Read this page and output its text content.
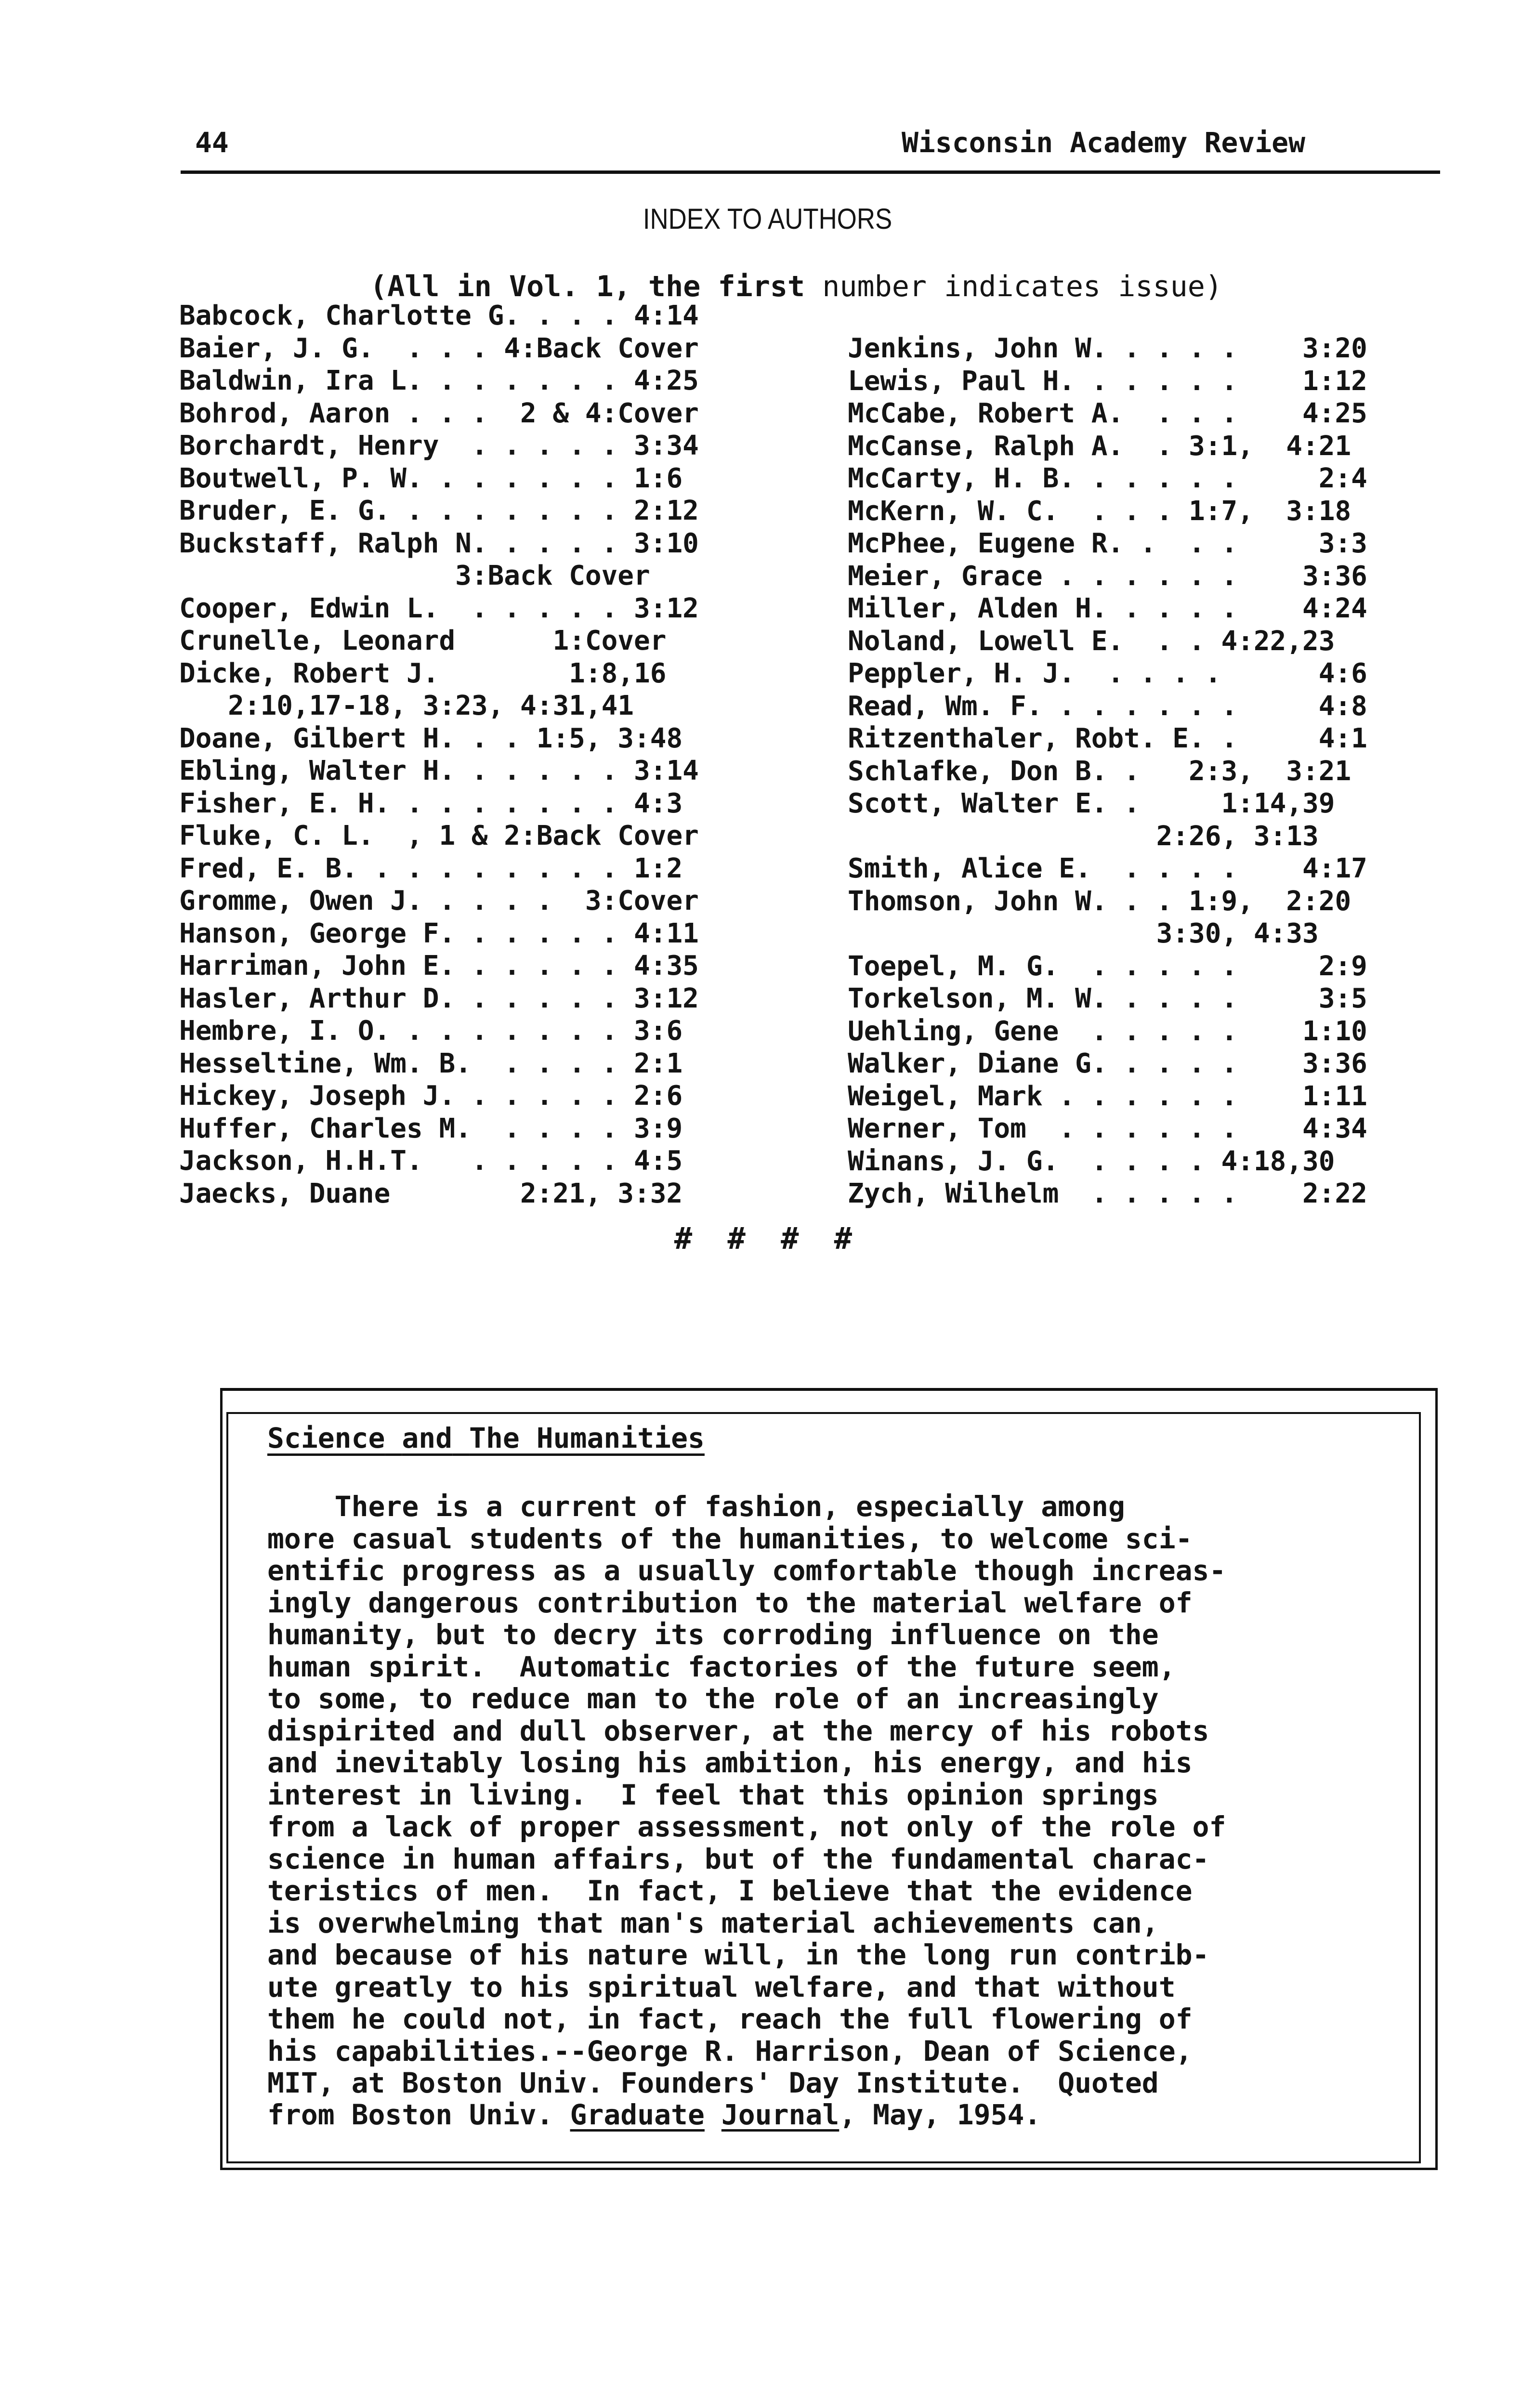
44	Wisconsin Academy Review
INDEX TO AUTHORS
(All in Vol. 1, the first number indicates issue)
Babcock, Charlotte G. . . . 4:14
Baier, J. G.  . . . 4:Back Cover
Baldwin, Ira L. . . . . . . 4:25
Bohrod, Aaron . . .  2 & 4:Cover
Borchardt, Henry  . . . . . 3:34
Boutwell, P. W. . . . . . . 1:6
Bruder, E. G. . . . . . . . 2:12
Buckstaff, Ralph N. . . . . 3:10
3:Back Cover
Cooper, Edwin L.  . . . . . 3:12
Crunelle, Leonard      1:Cover
Dicke, Robert J.        1:8,16
2:10,17-18, 3:23, 4:31,41
Doane, Gilbert H. . . 1:5, 3:48
Ebling, Walter H. . . . . . 3:14
Fisher, E. H. . . . . . . . 4:3
Fluke, C. L.  , 1 & 2:Back Cover
Fred, E. B. . . . . . . . . 1:2
Gromme, Owen J. . . . .  3:Cover
Hanson, George F. . . . . . 4:11
Harriman, John E. . . . . . 4:35
Hasler, Arthur D. . . . . . 3:12
Hembre, I. O. . . . . . . . 3:6
Hesseltine, Wm. B.  . . . . 2:1
Hickey, Joseph J. . . . . . 2:6
Huffer, Charles M.  . . . . 3:9
Jackson, H.H.T.   . . . . . 4:5
Jaecks, Duane        2:21, 3:32
Jenkins, John W. . . . .    3:20
Lewis, Paul H. . . . . .    1:12
McCabe, Robert A.  . . .    4:25
McCanse, Ralph A.  . 3:1,  4:21
McCarty, H. B. . . . . .     2:4
McKern, W. C.  . . . 1:7,  3:18
McPhee, Eugene R. .  . .     3:3
Meier, Grace . . . . . .    3:36
Miller, Alden H. . . . .    4:24
Noland, Lowell E.  . . 4:22,23
Peppler, H. J.  . . . .      4:6
Read, Wm. F. . . . . . .     4:8
Ritzenthaler, Robt. E. .     4:1
Schlafke, Don B. .   2:3,  3:21
Scott, Walter E. .     1:14,39
2:26, 3:13
Smith, Alice E.  . . . .    4:17
Thomson, John W. . . 1:9,  2:20
3:30, 4:33
Toepel, M. G.  . . . . .     2:9
Torkelson, M. W. . . . .     3:5
Uehling, Gene  . . . . .    1:10
Walker, Diane G. . . . .    3:36
Weigel, Mark . . . . . .    1:11
Werner, Tom  . . . . . .    4:34
Winans, J. G.  . . . . 4:18,30
Zych, Wilhelm  . . . . .    2:22
# # # #
Science and The Humanities
There is a current of fashion, especially among
more casual students of the humanities, to welcome sci-
entific progress as a usually comfortable though increas-
ingly dangerous contribution to the material welfare of
humanity, but to decry its corroding influence on the
human spirit.  Automatic factories of the future seem,
to some, to reduce man to the role of an increasingly
dispirited and dull observer, at the mercy of his robots
and inevitably losing his ambition, his energy, and his
interest in living.  I feel that this opinion springs
from a lack of proper assessment, not only of the role of
science in human affairs, but of the fundamental charac-
teristics of men.  In fact, I believe that the evidence
is overwhelming that man's material achievements can,
and because of his nature will, in the long run contrib-
ute greatly to his spiritual welfare, and that without
them he could not, in fact, reach the full flowering of
his capabilities.--George R. Harrison, Dean of Science,
MIT, at Boston Univ. Founders' Day Institute.  Quoted
from Boston Univ. Graduate Journal, May, 1954.
